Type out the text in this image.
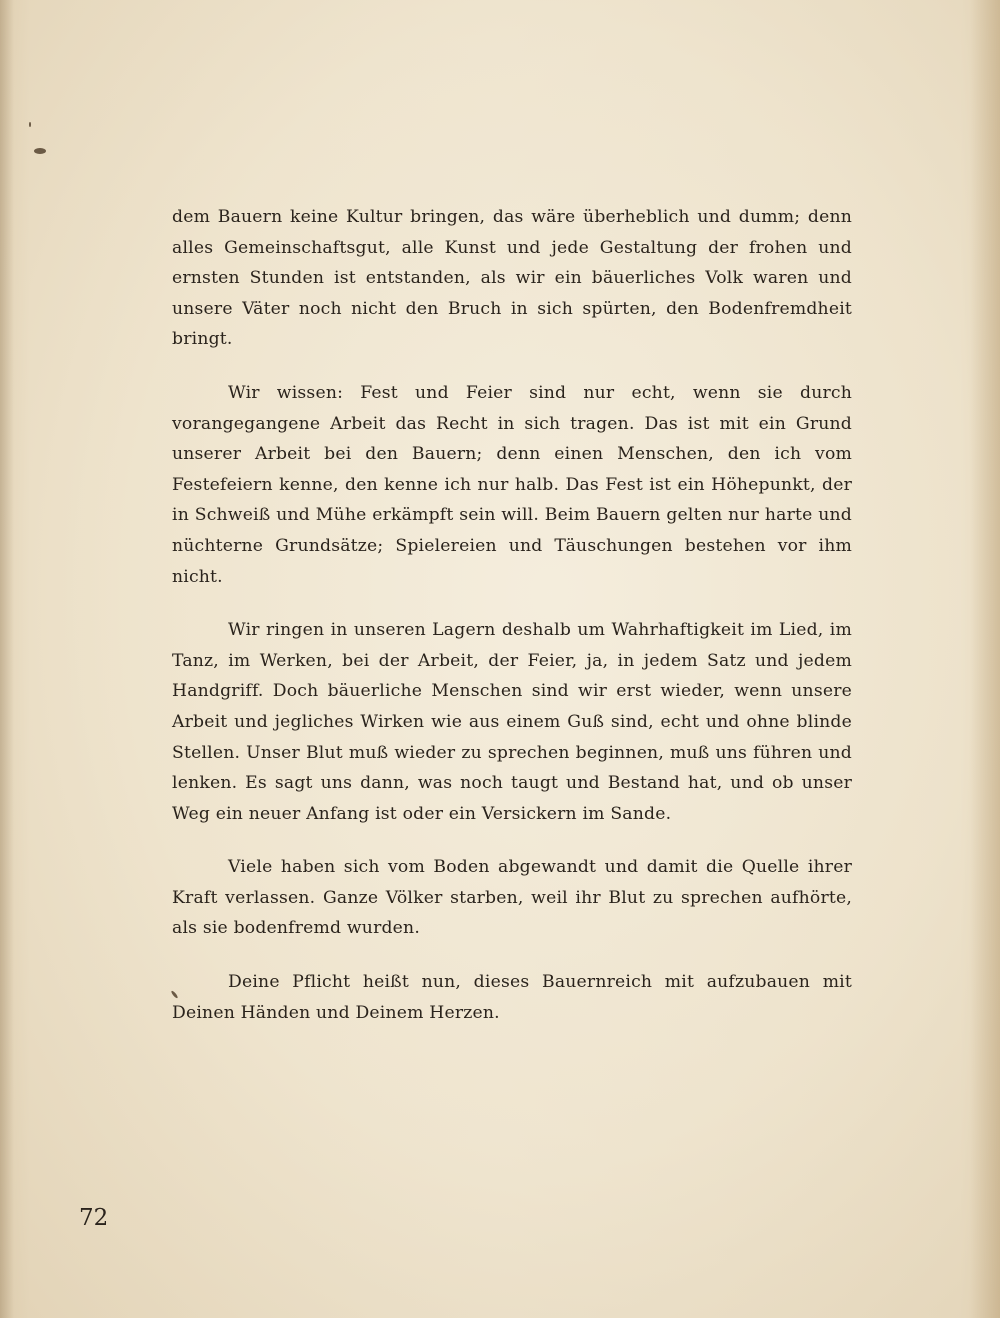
dem Bauern keine Kultur bringen, das wäre überheblich und dumm; denn alles Gemeinschaftsgut, alle Kunst und jede Gestaltung der frohen und ernsten Stunden ist entstanden, als wir ein bäuerliches Volk waren und unsere Väter noch nicht den Bruch in sich spürten, den Bodenfremdheit bringt.

Wir wissen: Fest und Feier sind nur echt, wenn sie durch vorangegangene Arbeit das Recht in sich tragen. Das ist mit ein Grund unserer Arbeit bei den Bauern; denn einen Menschen, den ich vom Festefeiern kenne, den kenne ich nur halb. Das Fest ist ein Höhepunkt, der in Schweiß und Mühe erkämpft sein will. Beim Bauern gelten nur harte und nüchterne Grundsätze; Spielereien und Täuschungen bestehen vor ihm nicht.

Wir ringen in unseren Lagern deshalb um Wahrhaftigkeit im Lied, im Tanz, im Werken, bei der Arbeit, der Feier, ja, in jedem Satz und jedem Handgriff. Doch bäuerliche Menschen sind wir erst wieder, wenn unsere Arbeit und jegliches Wirken wie aus einem Guß sind, echt und ohne blinde Stellen. Unser Blut muß wieder zu sprechen beginnen, muß uns führen und lenken. Es sagt uns dann, was noch taugt und Bestand hat, und ob unser Weg ein neuer Anfang ist oder ein Versickern im Sande.

Viele haben sich vom Boden abgewandt und damit die Quelle ihrer Kraft verlassen. Ganze Völker starben, weil ihr Blut zu sprechen aufhörte, als sie bodenfremd wurden.

Deine Pflicht heißt nun, dieses Bauernreich mit aufzubauen mit Deinen Händen und Deinem Herzen.

72
